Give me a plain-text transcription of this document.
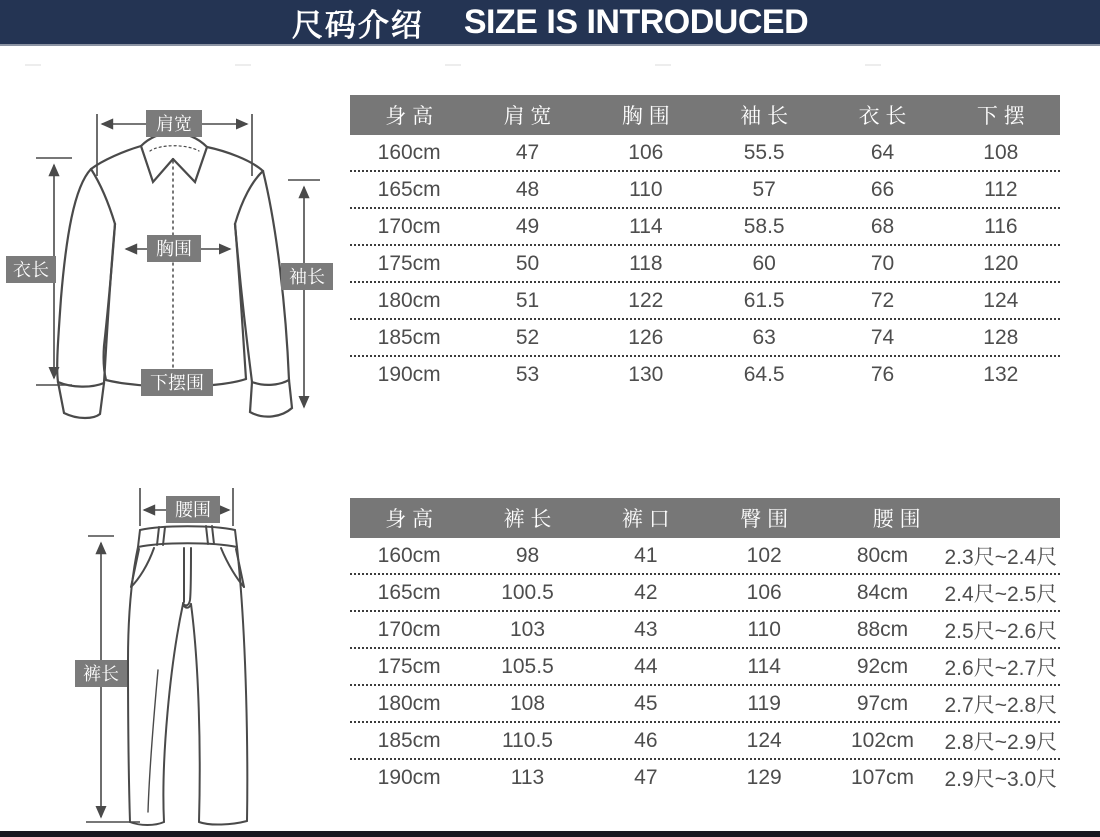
尺码介绍 SIZE IS INTRODUCED
肩宽
衣长	袖长
胸围
下摆围
身 高	肩 宽	胸 围	袖 长	衣 长	下 摆
160cm	47	106	55.5	64	108
165cm	48	110	57	66	112
170cm	49	114	58.5	68	116
175cm	50	118	60	70	120
180cm	51	122	61.5	72	124
185cm	52	126	63	74	128
190cm	53	130	64.5	76	132
腰围
裤长
身 高	裤 长	裤 口	臀 围	腰 围
160cm	98	41	102	80cm	2.3尺~2.4尺
165cm	100.5	42	106	84cm	2.4尺~2.5尺
170cm	103	43	110	88cm	2.5尺~2.6尺
175cm	105.5	44	114	92cm	2.6尺~2.7尺
180cm	108	45	119	97cm	2.7尺~2.8尺
185cm	110.5	46	124	102cm	2.8尺~2.9尺
190cm	113	47	129	107cm	2.9尺~3.0尺
